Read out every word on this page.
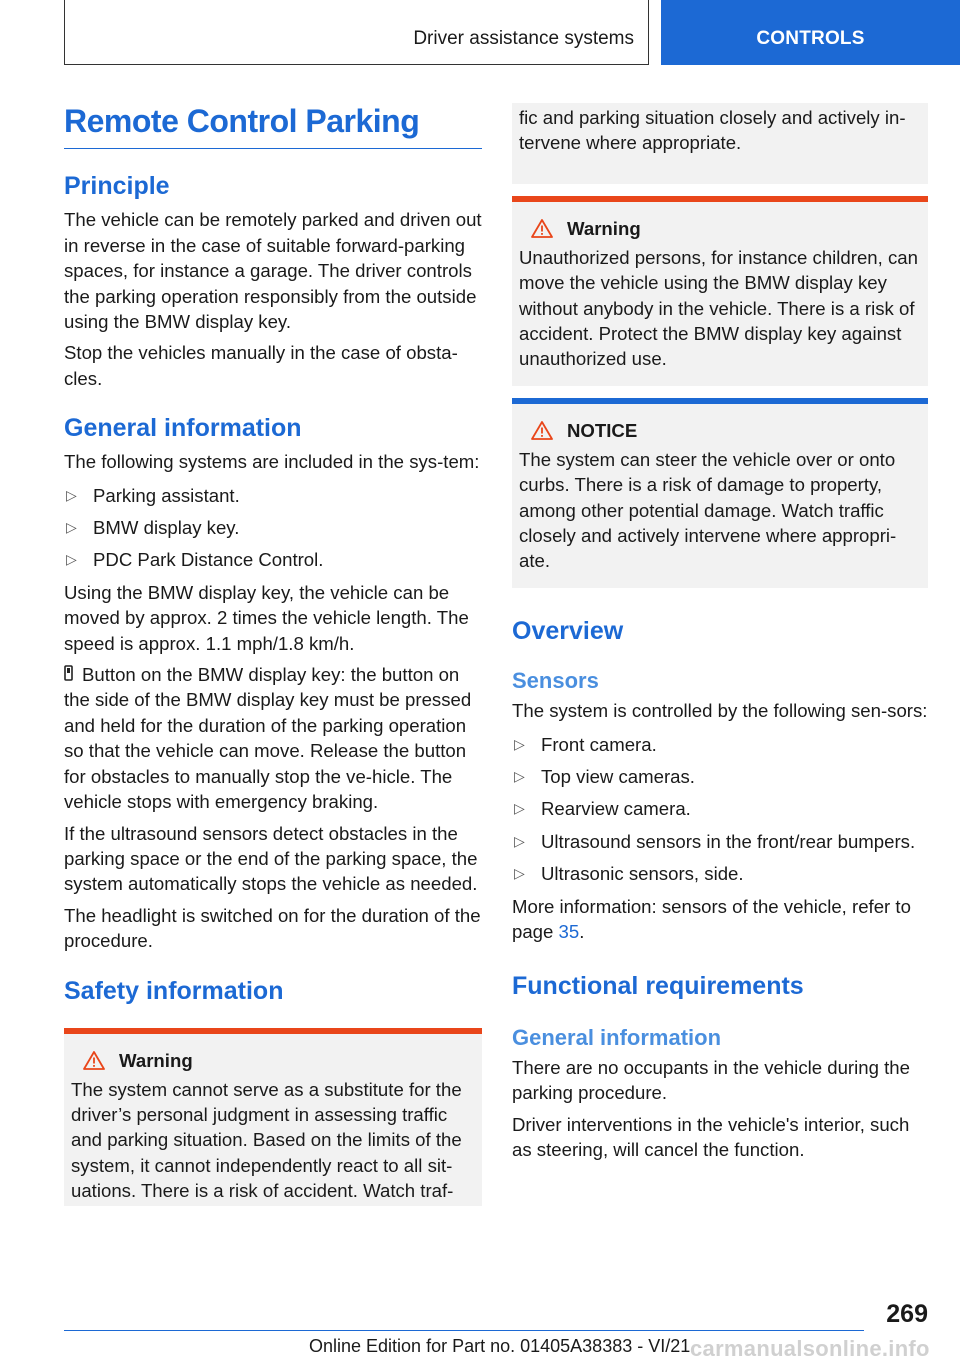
Driver assistance systems	CONTROLS
Remote Control Parking
Principle

The vehicle can be remotely parked and driven out in reverse in the case of suitable forward-parking spaces, for instance a garage. The driver controls the parking operation responsibly from the outside using the BMW display key.

Stop the vehicles manually in the case of obsta-cles.

General information

The following systems are included in the sys-tem:

▷ Parking assistant.
▷ BMW display key.
▷ PDC Park Distance Control.

Using the BMW display key, the vehicle can be moved by approx. 2 times the vehicle length. The speed is approx. 1.1 mph/1.8 km/h.

Button on the BMW display key: the button on the side of the BMW display key must be pressed and held for the duration of the parking operation so that the vehicle can move. Release the button for obstacles to manually stop the ve-hicle. The vehicle stops with emergency braking.

If the ultrasound sensors detect obstacles in the parking space or the end of the parking space, the system automatically stops the vehicle as needed.

The headlight is switched on for the duration of the procedure.

Safety information
Warning

The system cannot serve as a substitute for the driver’s personal judgment in assessing traffic and parking situation. Based on the limits of the system, it cannot independently react to all sit-uations. There is a risk of accident. Watch traf-

fic and parking situation closely and actively in-tervene where appropriate.

Warning

Unauthorized persons, for instance children, can move the vehicle using the BMW display key without anybody in the vehicle. There is a risk of accident. Protect the BMW display key against unauthorized use.

NOTICE

The system can steer the vehicle over or onto curbs. There is a risk of damage to property, among other potential damage. Watch traffic closely and actively intervene where appropri-ate.

Overview
Sensors

The system is controlled by the following sen-sors:

▷ Front camera.
▷ Top view cameras.
▷ Rearview camera.
▷ Ultrasound sensors in the front/rear bumpers.
▷ Ultrasonic sensors, side.

More information: sensors of the vehicle, refer to page 35.

Functional requirements
General information

There are no occupants in the vehicle during the parking procedure.

Driver interventions in the vehicle's interior, such as steering, will cancel the function.

269
Online Edition for Part no. 01405A38383 - VI/21 carmanualsonline.info
